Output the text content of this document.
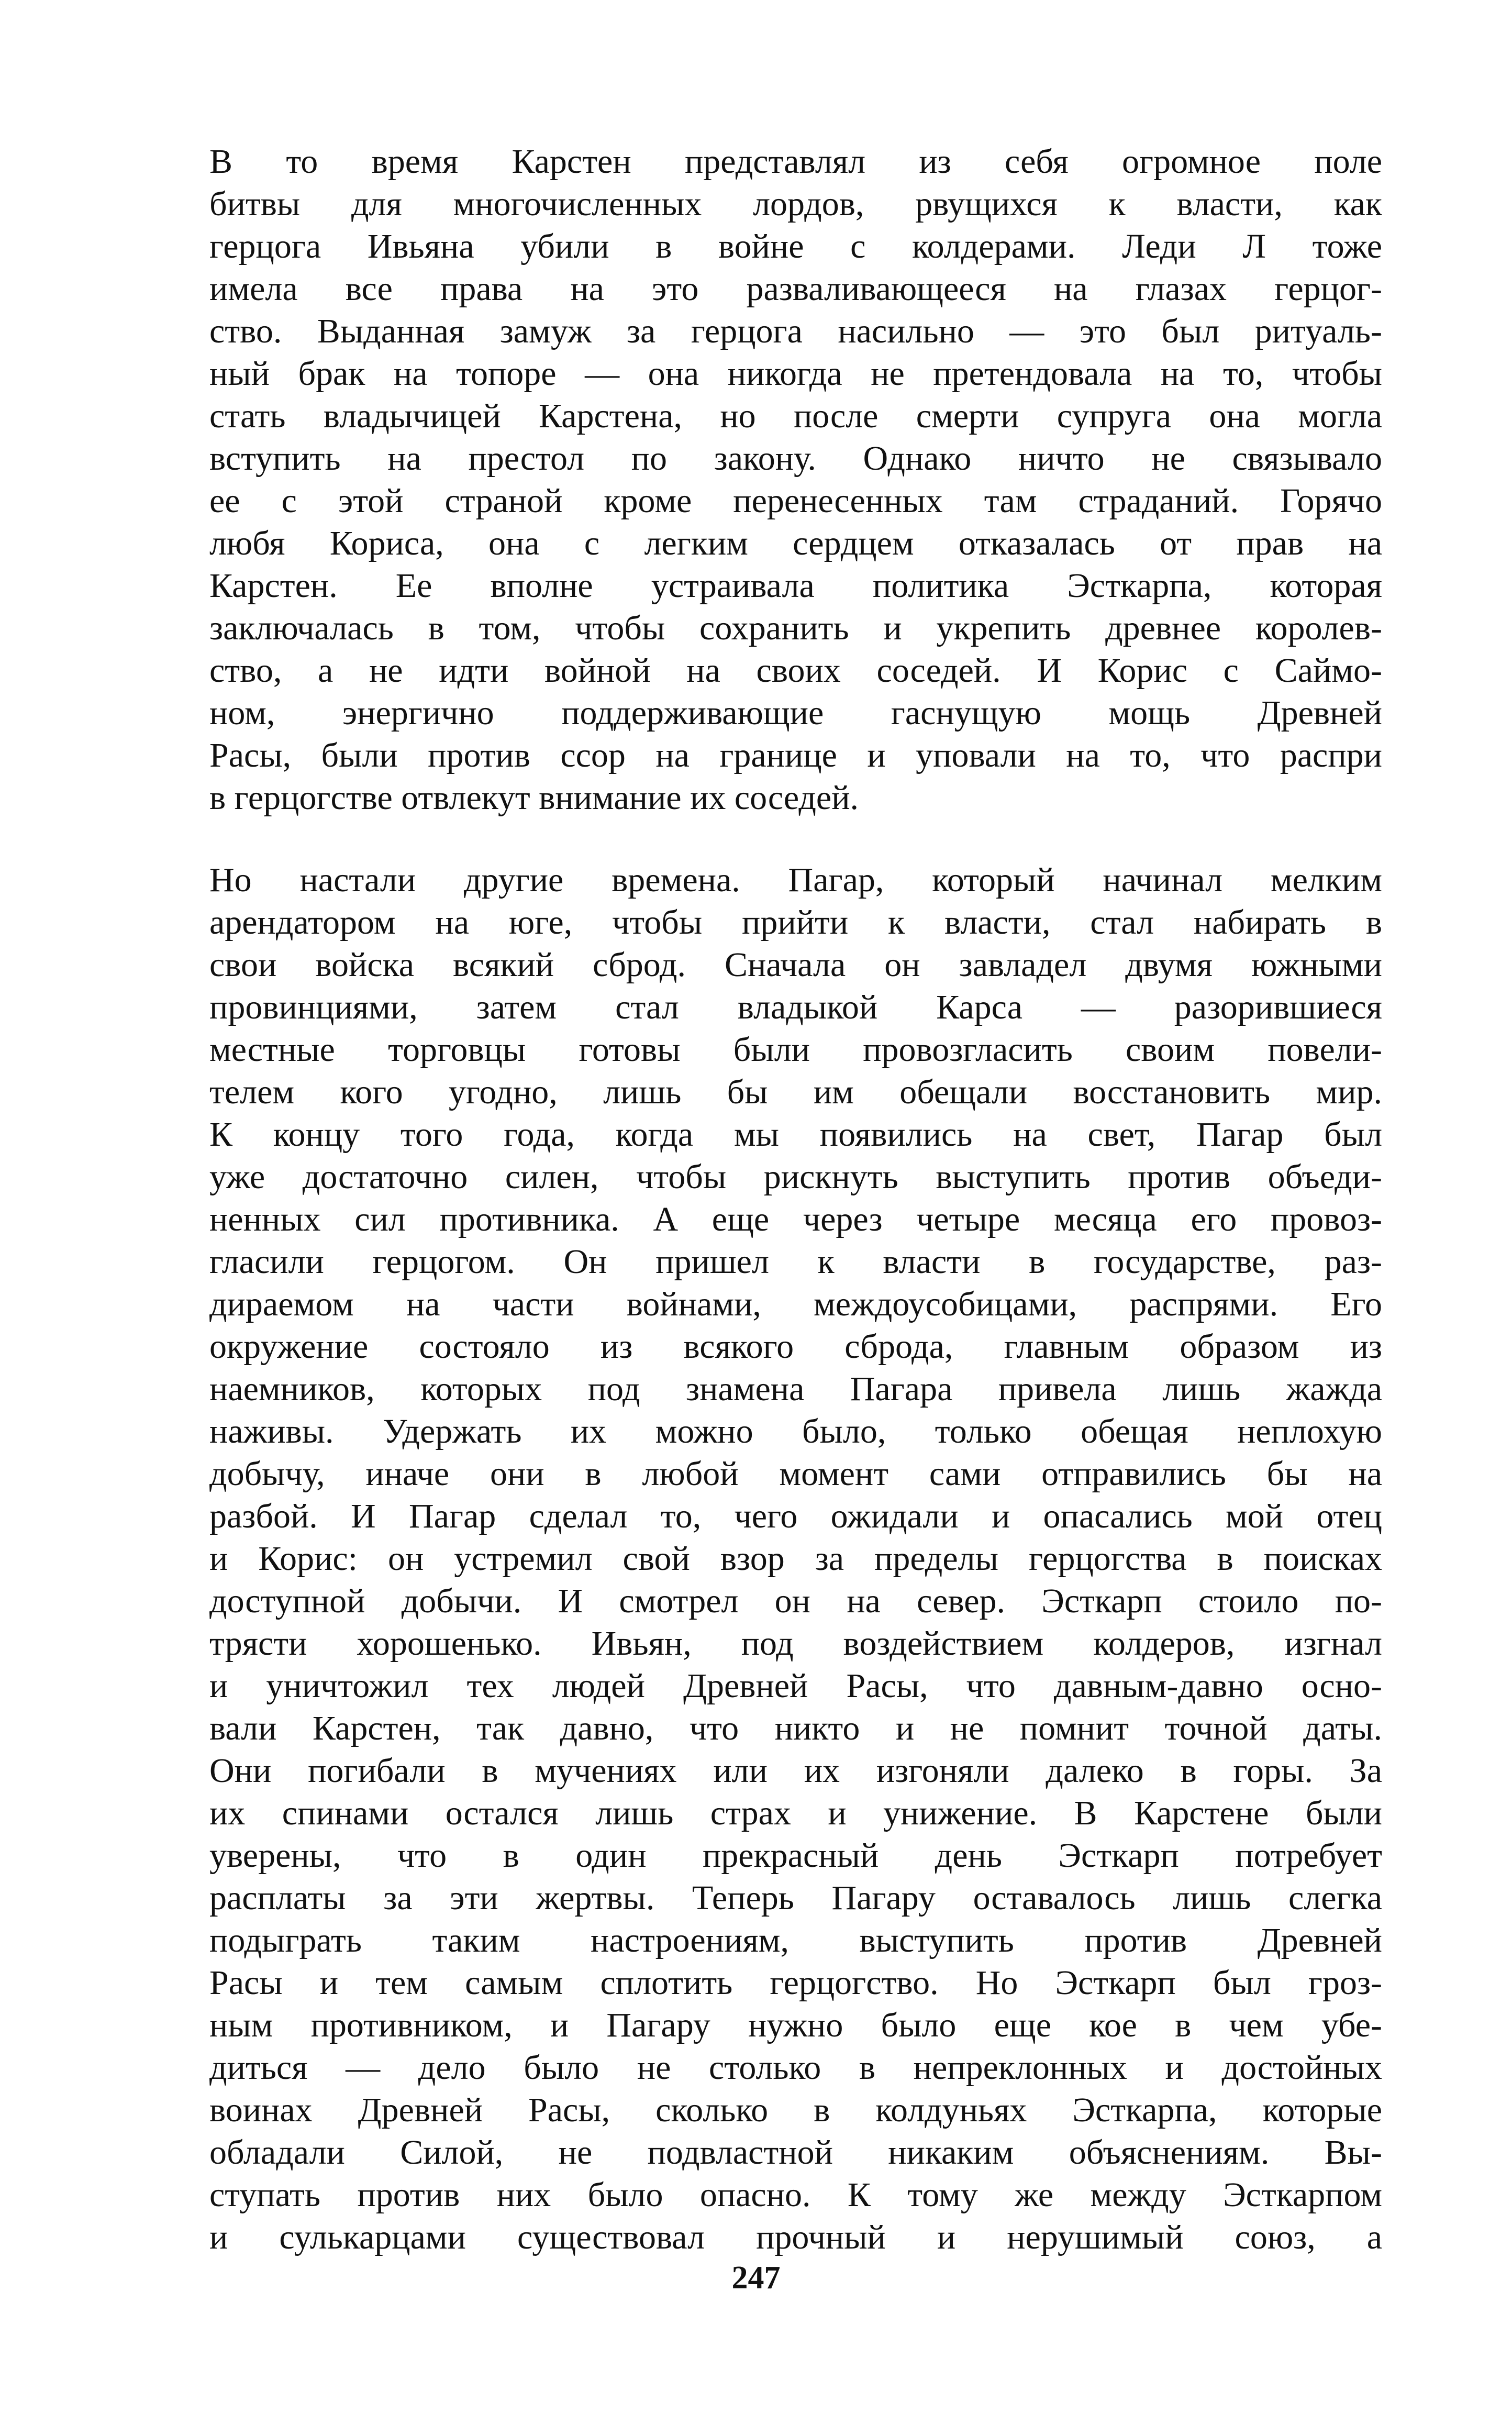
В то время Карстен представлял из себя огромное поле
битвы для многочисленных лордов, рвущихся к власти, как
герцога Ивьяна убили в войне с колдерами. Леди Л тоже
имела все права на это разваливающееся на глазах герцог-
ство. Выданная замуж за герцога насильно — это был ритуаль-
ный брак на топоре — она никогда не претендовала на то, чтобы
стать владычицей Карстена, но после смерти супруга она могла
вступить на престол по закону. Однако ничто не связывало
ее с этой страной кроме перенесенных там страданий. Горячо
любя Кориса, она с легким сердцем отказалась от прав на
Карстен. Ее вполне устраивала политика Эсткарпа, которая
заключалась в том, чтобы сохранить и укрепить древнее королев-
ство, а не идти войной на своих соседей. И Корис с Саймо-
ном, энергично поддерживающие гаснущую мощь Древней
Расы, были против ссор на границе и уповали на то, что распри
в герцогстве отвлекут внимание их соседей.
Но настали другие времена. Пагар, который начинал мелким
арендатором на юге, чтобы прийти к власти, стал набирать в
свои войска всякий сброд. Сначала он завладел двумя южными
провинциями, затем стал владыкой Карса — разорившиеся
местные торговцы готовы были провозгласить своим повели-
телем кого угодно, лишь бы им обещали восстановить мир.
К концу того года, когда мы появились на свет, Пагар был
уже достаточно силен, чтобы рискнуть выступить против объеди-
ненных сил противника. А еще через четыре месяца его провоз-
гласили герцогом. Он пришел к власти в государстве, раз-
дираемом на части войнами, междоусобицами, распрями. Его
окружение состояло из всякого сброда, главным образом из
наемников, которых под знамена Пагара привела лишь жажда
наживы. Удержать их можно было, только обещая неплохую
добычу, иначе они в любой момент сами отправились бы на
разбой. И Пагар сделал то, чего ожидали и опасались мой отец
и Корис: он устремил свой взор за пределы герцогства в поисках
доступной добычи. И смотрел он на север. Эсткарп стоило по-
трясти хорошенько. Ивьян, под воздействием колдеров, изгнал
и уничтожил тех людей Древней Расы, что давным-давно осно-
вали Карстен, так давно, что никто и не помнит точной даты.
Они погибали в мучениях или их изгоняли далеко в горы. За
их спинами остался лишь страх и унижение. В Карстене были
уверены, что в один прекрасный день Эсткарп потребует
расплаты за эти жертвы. Теперь Пагару оставалось лишь слегка
подыграть таким настроениям, выступить против Древней
Расы и тем самым сплотить герцогство. Но Эсткарп был гроз-
ным противником, и Пагару нужно было еще кое в чем убе-
диться — дело было не столько в непреклонных и достойных
воинах Древней Расы, сколько в колдуньях Эсткарпа, которые
обладали Силой, не подвластной никаким объяснениям. Вы-
ступать против них было опасно. К тому же между Эсткарпом
и сулькарцами существовал прочный и нерушимый союз, а
247
